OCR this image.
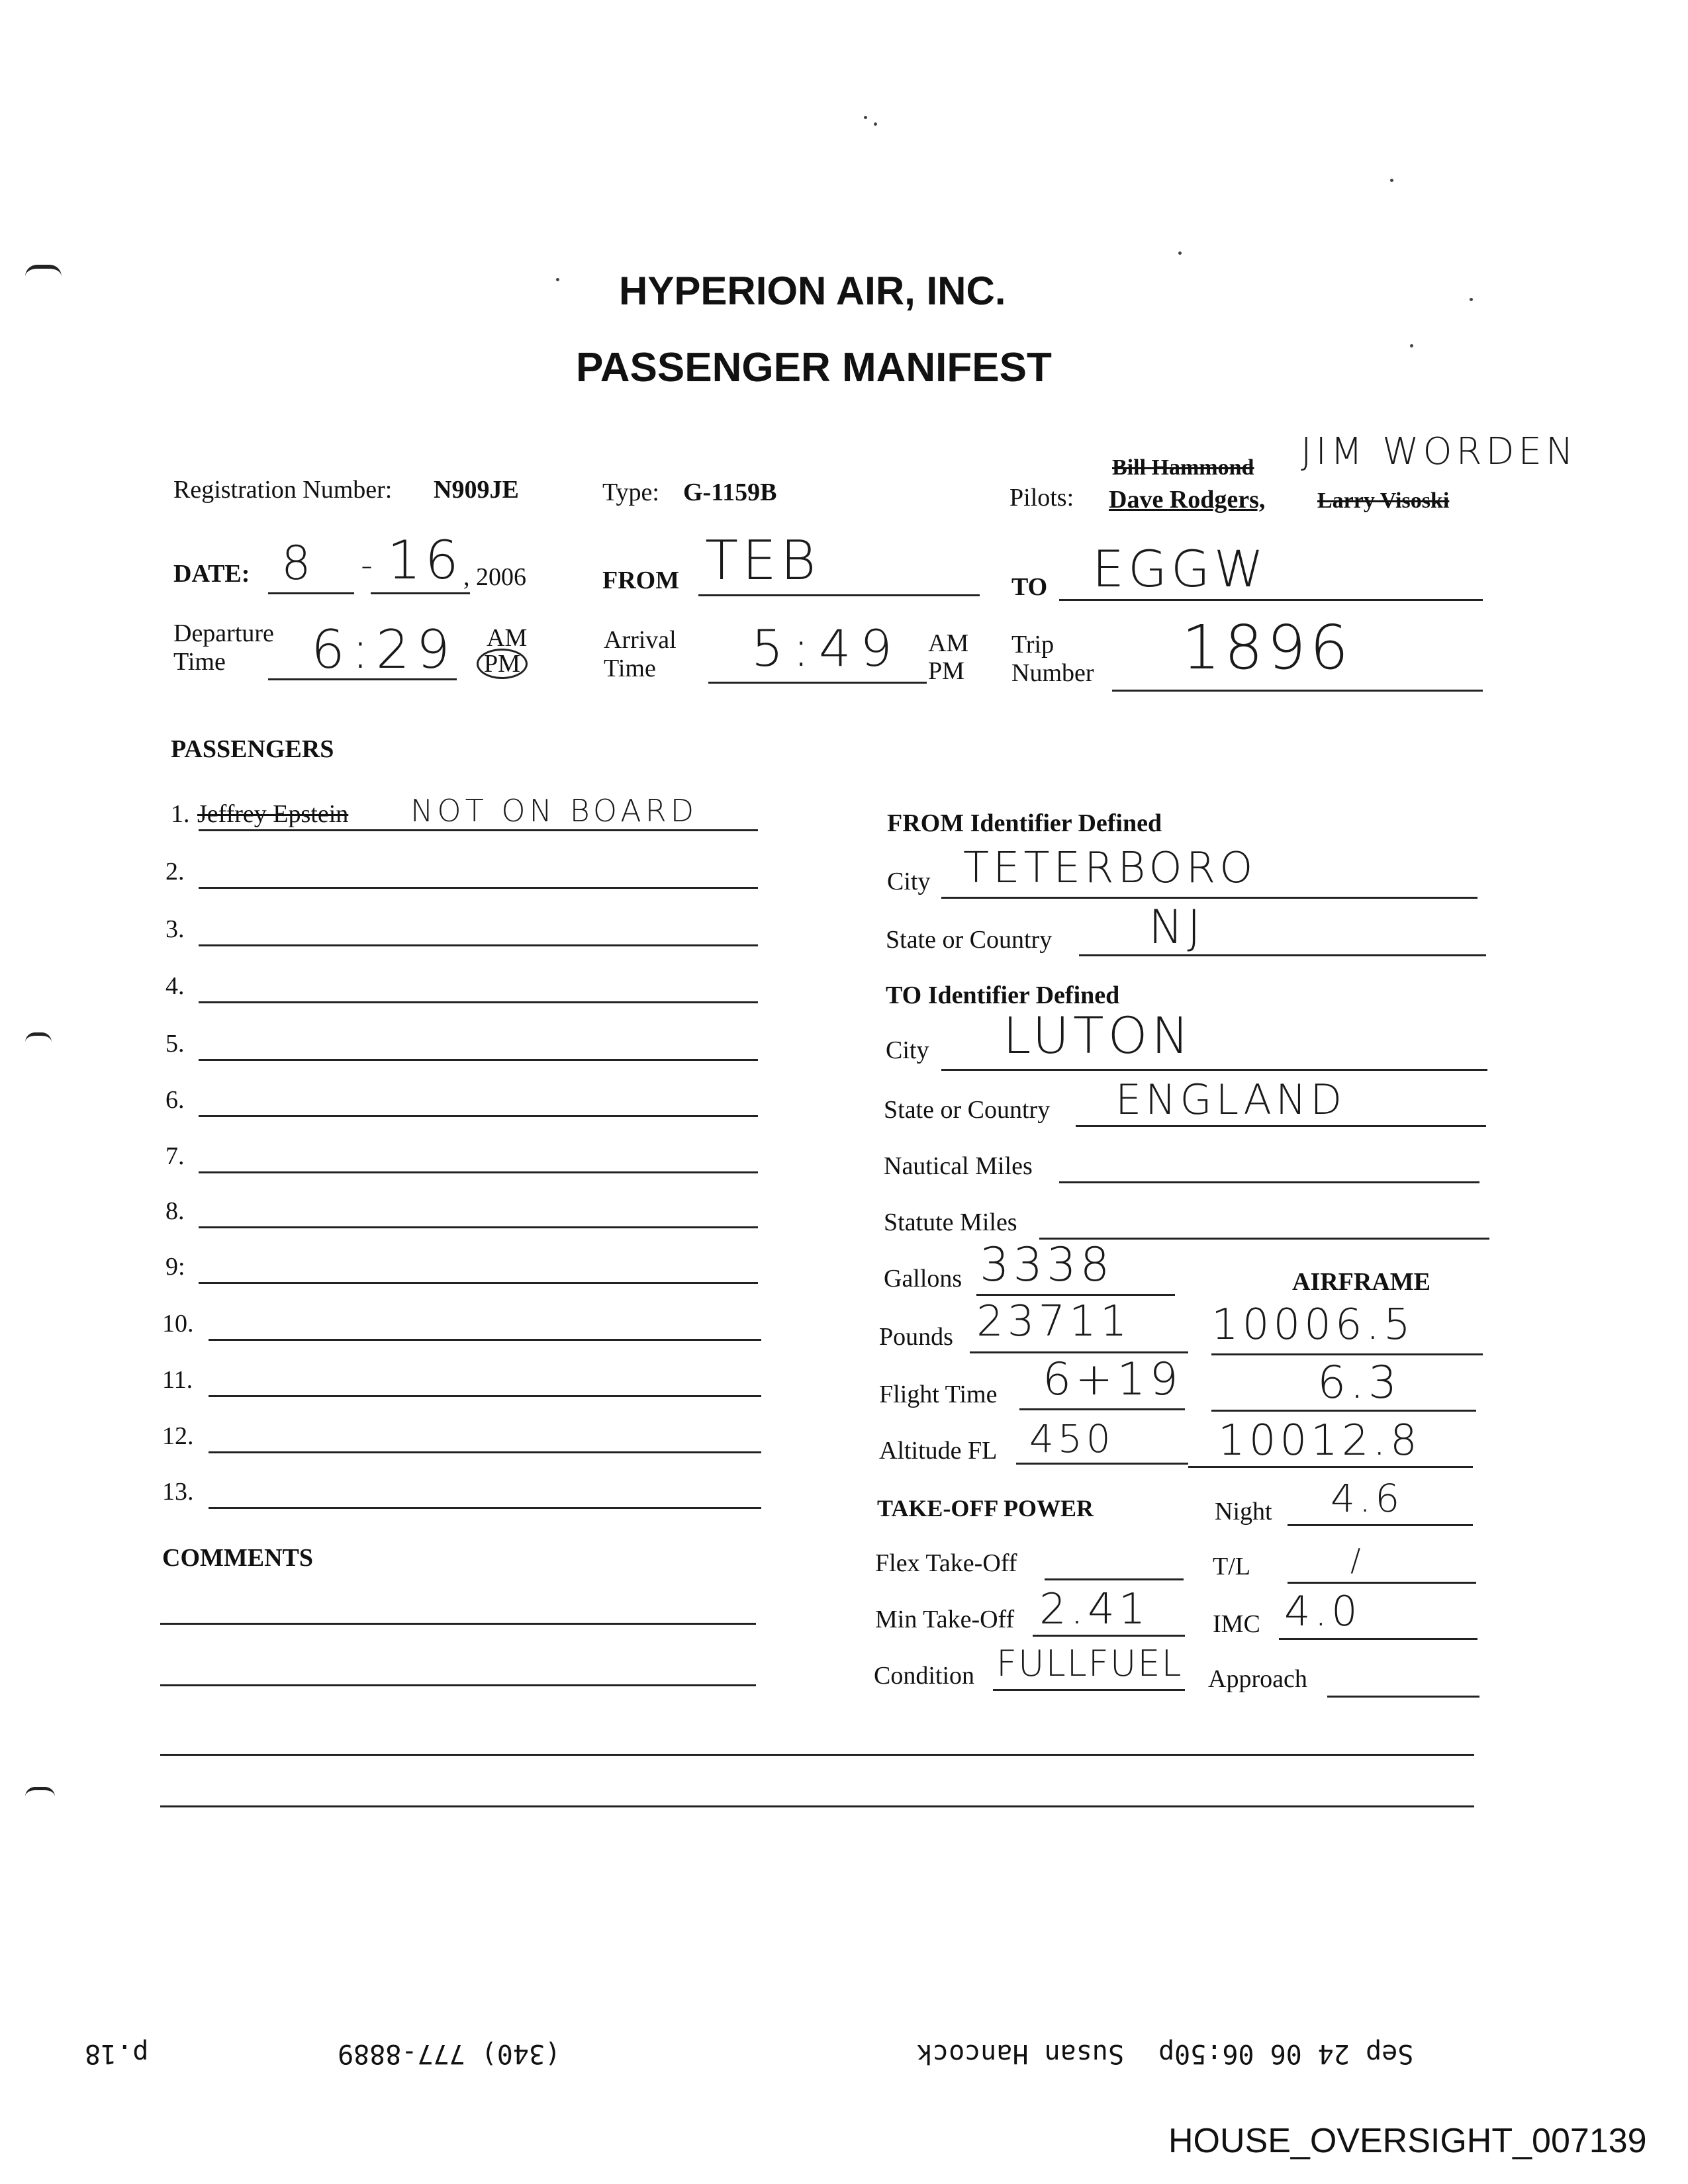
HYPERION AIR, INC.
PASSENGER MANIFEST
Registration Number: N909JE	Type: G-1159B	Pilots:
Bill Hammond JIM WORDEN
Dave Rodgers, Larry Visoski
DATE: 8 - 16 , 2006	FROM TEB	TO EGGW
Departure
Time 6:29 AM
PM
Arrival
Time 5:49 AM
PM
Trip
Number 1896
PASSENGERS
1. Jeffrey Epstein NOT ON BOARD
2.
3.
4.
5.
6.
7.
8.
9:
10.
11.
12.
13.
COMMENTS
FROM Identifier Defined
City TETERBORO
State or Country NJ
TO Identifier Defined
City LUTON
State or Country ENGLAND
Nautical Miles
Statute Miles
Gallons 3338	AIRFRAME
Pounds 23711 10006.5
Flight Time 6+19	6.3
Altitude FL 450 10012.8
TAKE-OFF POWER	Night 4.6
Flex Take-Off	T/L	/
Min Take-Off 2.41	IMC 4.0
Condition FULLFUEL Approach
Sep 24 06 06:50p
Susan Hancock
(340) 777-8889
p.18
HOUSE_OVERSIGHT_007139
